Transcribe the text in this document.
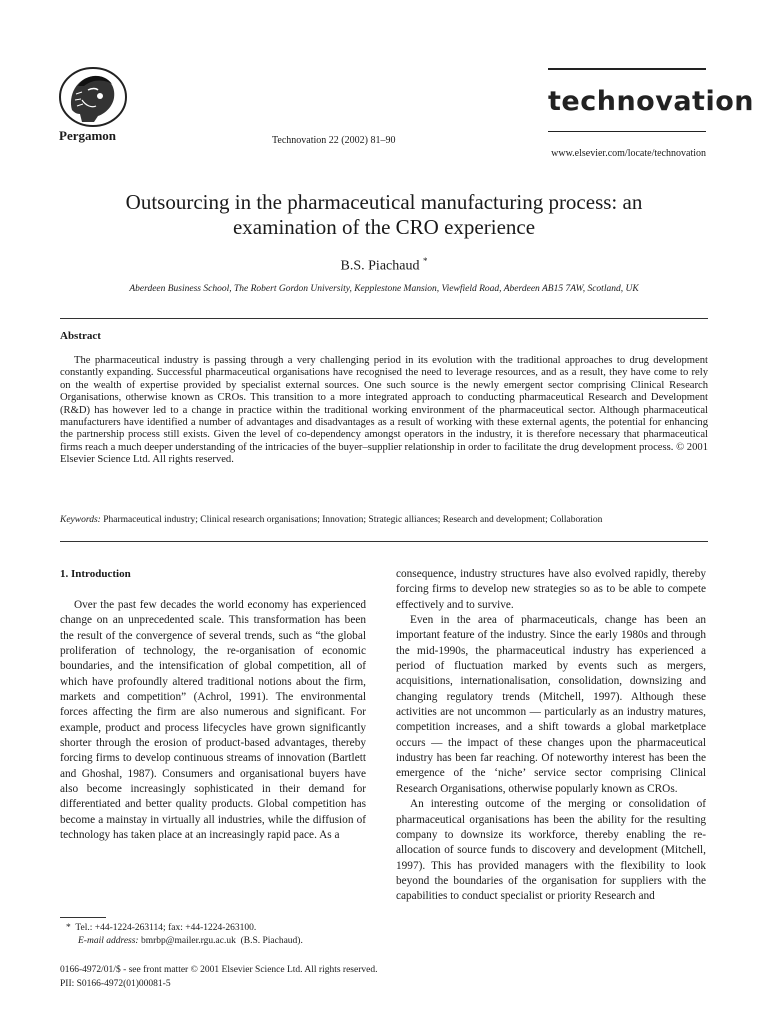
Pergamon	Technovation 22 (2002) 81–90
technovation
www.elsevier.com/locate/technovation
Outsourcing in the pharmaceutical manufacturing process: an
examination of the CRO experience
B.S. Piachaud *
Aberdeen Business School, The Robert Gordon University, Kepplestone Mansion, Viewfield Road, Aberdeen AB15 7AW, Scotland, UK
Abstract
The pharmaceutical industry is passing through a very challenging period in its evolution with the traditional approaches to drug development constantly expanding. Successful pharmaceutical organisations have recognised the need to leverage resources, and as a result, they have come to rely on the wealth of expertise provided by specialist external sources. One such source is the newly emergent sector comprising Clinical Research Organisations, otherwise known as CROs. This transition to a more integrated approach to conducting pharmaceutical Research and Development (R&D) has however led to a change in practice within the traditional working environment of the pharmaceutical sector. Although pharmaceutical manufacturers have identified a number of advantages and disadvantages as a result of working with these external agents, the potential for enhancing the partnership process still exists. Given the level of co-dependency amongst operators in the industry, it is therefore necessary that pharmaceutical firms reach a much deeper understanding of the intricacies of the buyer–supplier relationship in order to facilitate the drug development process. © 2001 Elsevier Science Ltd. All rights reserved.
Keywords: Pharmaceutical industry; Clinical research organisations; Innovation; Strategic alliances; Research and development; Collaboration
1. Introduction

Over the past few decades the world economy has experienced change on an unprecedented scale. This transformation has been the result of the convergence of several trends, such as “the global proliferation of technology, the re-organisation of economic boundaries, and the intensification of global competition, all of which have profoundly altered traditional notions about the firm, markets and competition” (Achrol, 1991). The environmental forces affecting the firm are also numerous and significant. For example, product and process lifecycles have grown significantly shorter through the erosion of product-based advantages, thereby forcing firms to develop continuous streams of innovation (Bartlett and Ghoshal, 1987). Consumers and organisational buyers have also become increasingly sophisticated in their demand for differentiated and better quality products. Global competition has become a mainstay in virtually all industries, while the diffusion of technology has taken place at an increasingly rapid pace. As a

consequence, industry structures have also evolved rapidly, thereby forcing firms to develop new strategies so as to be able to compete effectively and to survive.

Even in the area of pharmaceuticals, change has been an important feature of the industry. Since the early 1980s and through the mid-1990s, the pharmaceutical industry has experienced a period of fluctuation marked by events such as mergers, acquisitions, internationalisation, consolidation, downsizing and changing regulatory trends (Mitchell, 1997). Although these activities are not uncommon — particularly as an industry matures, competition increases, and a shift towards a global marketplace occurs — the impact of these changes upon the pharmaceutical industry has been far reaching. Of noteworthy interest has been the emergence of the ‘niche’ service sector comprising Clinical Research Organisations, otherwise popularly known as CROs.

An interesting outcome of the merging or consolidation of pharmaceutical organisations has been the ability for the resulting company to downsize its workforce, thereby enabling the re-allocation of source funds to discovery and development (Mitchell, 1997). This has provided managers with the flexibility to look beyond the boundaries of the organisation for suppliers with the capabilities to conduct specialist or priority Research and

* Tel.: +44-1224-263114; fax: +44-1224-263100.
E-mail address: bmrbp@mailer.rgu.ac.uk (B.S. Piachaud).
0166-4972/01/$ - see front matter © 2001 Elsevier Science Ltd. All rights reserved.
PII: S0166-4972(01)00081-5
